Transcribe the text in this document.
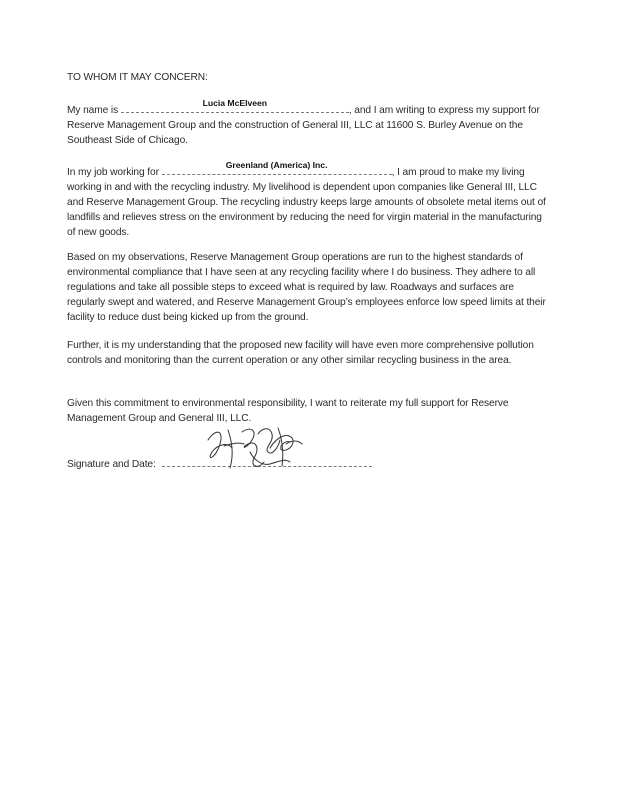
TO WHOM IT MAY CONCERN:
My name is
Lucia McElveen
, and I am writing to express my support for Reserve Management Group and the construction of General III, LLC at 11600 S. Burley Avenue on the Southeast Side of Chicago.
In my job working for
Greenland (America) Inc.
, I am proud to make my living working in and with the recycling industry. My livelihood is dependent upon companies like General III, LLC and Reserve Management Group. The recycling industry keeps large amounts of obsolete metal items out of landfills and relieves stress on the environment by reducing the need for virgin material in the manufacturing of new goods.
Based on my observations, Reserve Management Group operations are run to the highest standards of environmental compliance that I have seen at any recycling facility where I do business. They adhere to all regulations and take all possible steps to exceed what is required by law. Roadways and surfaces are regularly swept and watered, and Reserve Management Group’s employees enforce low speed limits at their facility to reduce dust being kicked up from the ground.
Further, it is my understanding that the proposed new facility will have even more comprehensive pollution controls and monitoring than the current operation or any other similar recycling business in the area.
Given this commitment to environmental responsibility, I want to reiterate my full support for Reserve Management Group and General III, LLC.
Signature and Date:
